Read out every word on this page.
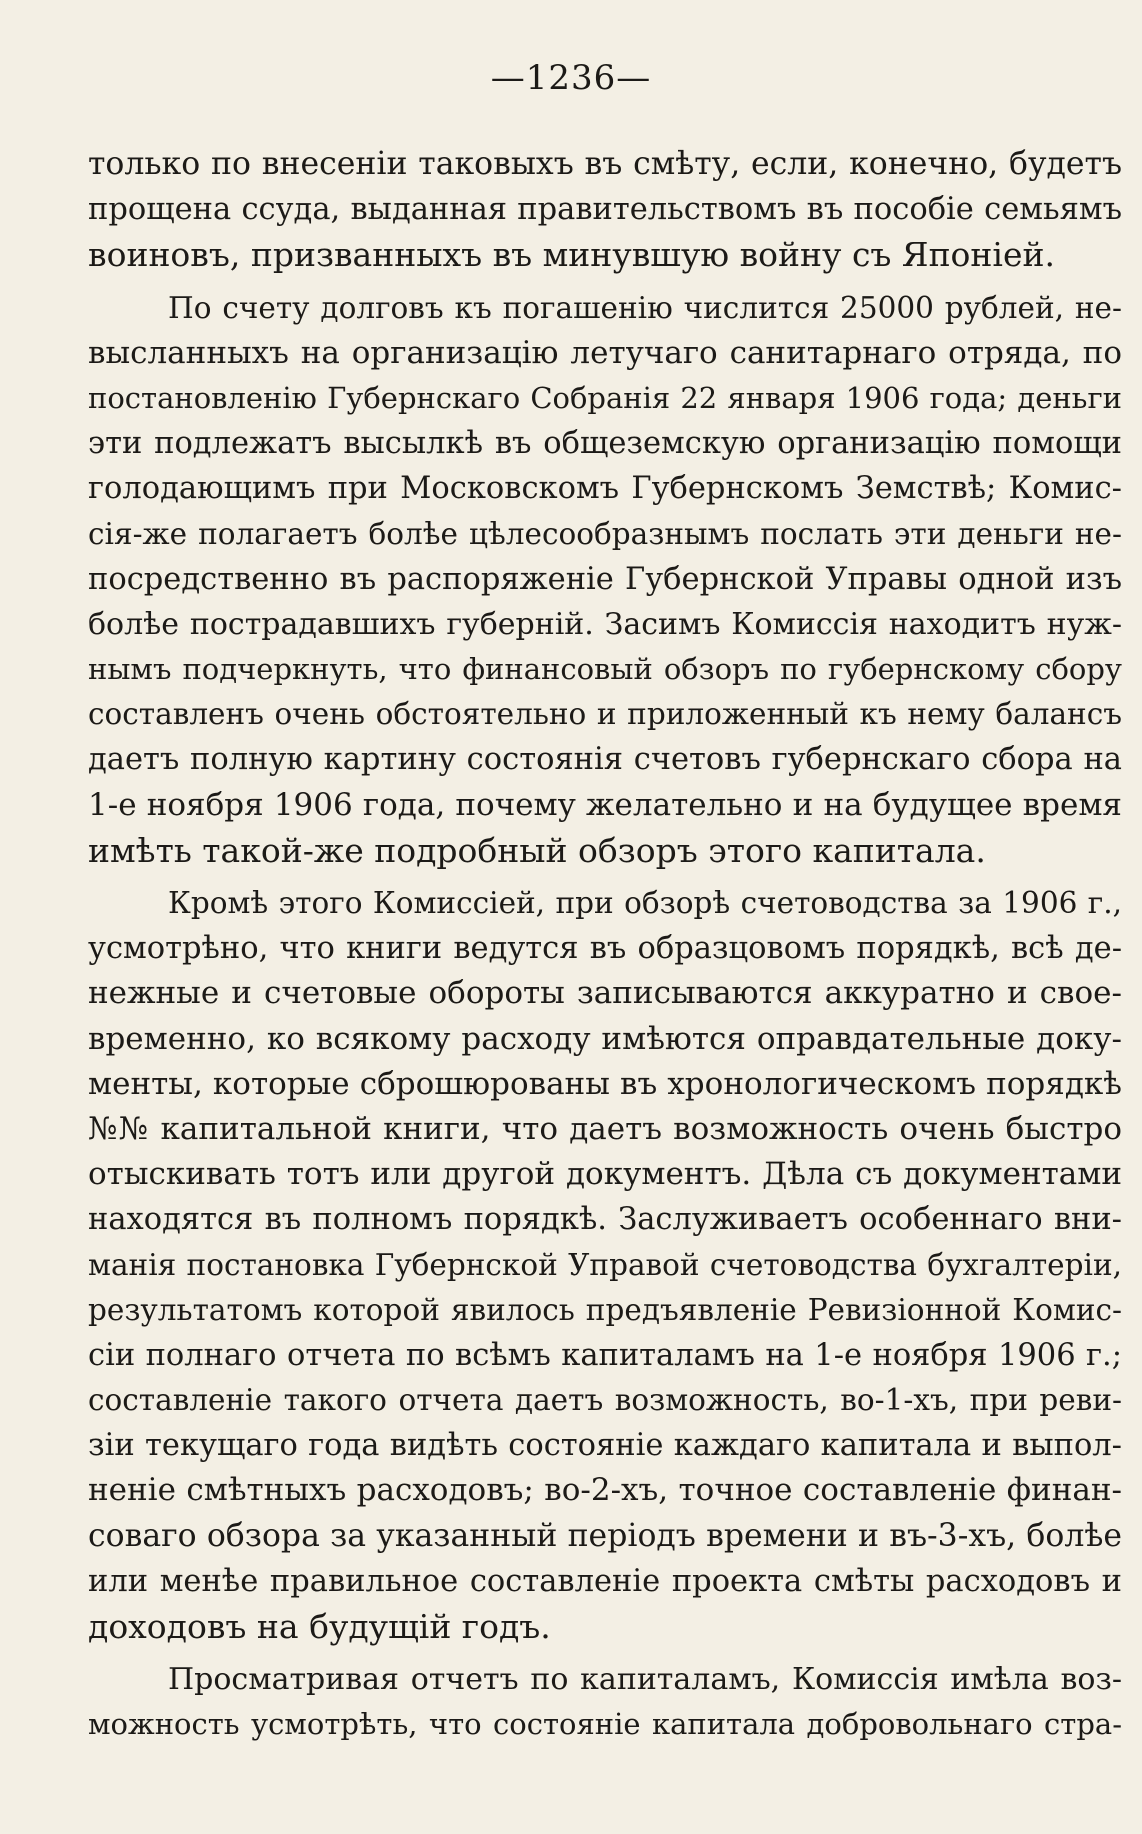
—1236—
только по внесеніи таковыхъ въ смѣту, если, конечно, будетъ
прощена ссуда, выданная правительствомъ въ пособіе семьямъ
воиновъ, призванныхъ въ минувшую войну съ Японіей.
По счету долговъ къ погашенію числится 25000 рублей, не-
высланныхъ на организацію летучаго санитарнаго отряда, по
постановленію Губернскаго Собранія 22 января 1906 года; деньги
эти подлежатъ высылкѣ въ общеземскую организацію помощи
голодающимъ при Московскомъ Губернскомъ Земствѣ; Комис-
сія-же полагаетъ болѣе цѣлесообразнымъ послать эти деньги не-
посредственно въ распоряженіе Губернской Управы одной изъ
болѣе пострадавшихъ губерній. Засимъ Комиссія находитъ нуж-
нымъ подчеркнуть, что финансовый обзоръ по губернскому сбору
составленъ очень обстоятельно и приложенный къ нему балансъ
даетъ полную картину состоянія счетовъ губернскаго сбора на
1-е ноября 1906 года, почему желательно и на будущее время
имѣть такой-же подробный обзоръ этого капитала.
Кромѣ этого Комиссіей, при обзорѣ счетоводства за 1906 г.,
усмотрѣно, что книги ведутся въ образцовомъ порядкѣ, всѣ де-
нежные и счетовые обороты записываются аккуратно и свое-
временно, ко всякому расходу имѣются оправдательные доку-
менты, которые сброшюрованы въ хронологическомъ порядкѣ
№№ капитальной книги, что даетъ возможность очень быстро
отыскивать тотъ или другой документъ. Дѣла съ документами
находятся въ полномъ порядкѣ. Заслуживаетъ особеннаго вни-
манія постановка Губернской Управой счетоводства бухгалтеріи,
результатомъ которой явилось предъявленіе Ревизіонной Комис-
сіи полнаго отчета по всѣмъ капиталамъ на 1-е ноября 1906 г.;
составленіе такого отчета даетъ возможность, во-1-хъ, при реви-
зіи текущаго года видѣть состояніе каждаго капитала и выпол-
неніе смѣтныхъ расходовъ; во-2-хъ, точное составленіе финан-
соваго обзора за указанный періодъ времени и въ-3-хъ, болѣе
или менѣе правильное составленіе проекта смѣты расходовъ и
доходовъ на будущій годъ.
Просматривая отчетъ по капиталамъ, Комиссія имѣла воз-
можность усмотрѣть, что состояніе капитала добровольнаго стра-
